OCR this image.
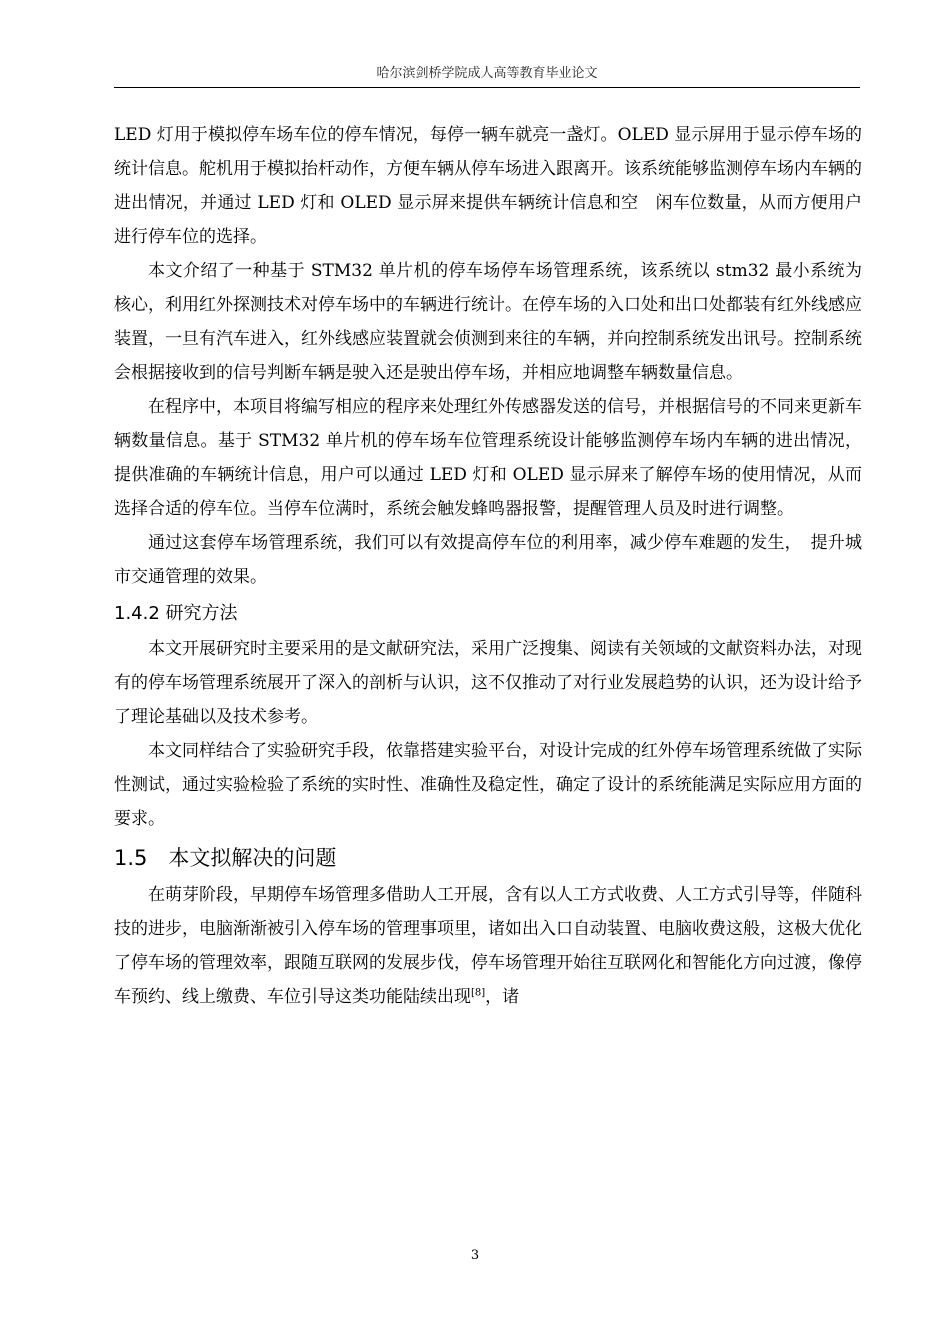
哈尔滨剑桥学院成人高等教育毕业论文

LED 灯用于模拟停车场车位的停车情况，每停一辆车就亮一盏灯。OLED 显示屏用于显示停车场的统计信息。舵机用于模拟抬杆动作，方便车辆从停车场进入跟离开。该系统能够监测停车场内车辆的进出情况，并通过 LED 灯和 OLED 显示屏来提供车辆统计信息和空　闲车位数量，从而方便用户进行停车位的选择。

本文介绍了一种基于 STM32 单片机的停车场停车场管理系统，该系统以 stm32 最小系统为核心，利用红外探测技术对停车场中的车辆进行统计。在停车场的入口处和出口处都装有红外线感应装置，一旦有汽车进入，红外线感应装置就会侦测到来往的车辆，并向控制系统发出讯号。控制系统会根据接收到的信号判断车辆是驶入还是驶出停车场，并相应地调整车辆数量信息。

在程序中，本项目将编写相应的程序来处理红外传感器发送的信号，并根据信号的不同来更新车辆数量信息。基于 STM32 单片机的停车场车位管理系统设计能够监测停车场内车辆的进出情况，提供准确的车辆统计信息，用户可以通过 LED 灯和 OLED 显示屏来了解停车场的使用情况，从而选择合适的停车位。当停车位满时，系统会触发蜂鸣器报警，提醒管理人员及时进行调整。

通过这套停车场管理系统，我们可以有效提高停车位的利用率，减少停车难题的发生，　提升城市交通管理的效果。

1.4.2 研究方法

本文开展研究时主要采用的是文献研究法，采用广泛搜集、阅读有关领域的文献资料办法，对现有的停车场管理系统展开了深入的剖析与认识，这不仅推动了对行业发展趋势的认识，还为设计给予了理论基础以及技术参考。

本文同样结合了实验研究手段，依靠搭建实验平台，对设计完成的红外停车场管理系统做了实际性测试，通过实验检验了系统的实时性、准确性及稳定性，确定了设计的系统能满足实际应用方面的要求。

1.5　本文拟解决的问题

在萌芽阶段，早期停车场管理多借助人工开展，含有以人工方式收费、人工方式引导等，伴随科技的进步，电脑渐渐被引入停车场的管理事项里，诸如出入口自动装置、电脑收费这般，这极大优化了停车场的管理效率，跟随互联网的发展步伐，停车场管理开始往互联网化和智能化方向过渡，像停车预约、线上缴费、车位引导这类功能陆续出现[8]，诸

3
